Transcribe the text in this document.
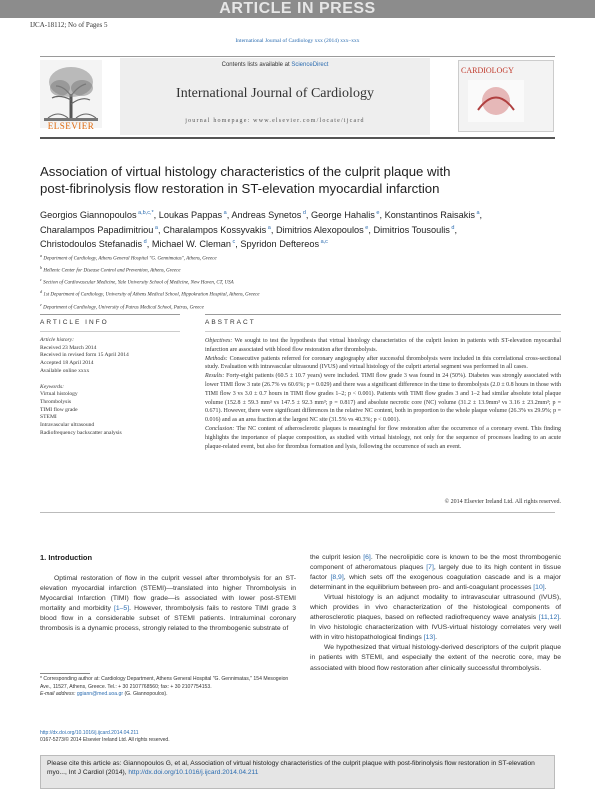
ARTICLE IN PRESS
IJCA-18112; No of Pages 5
International Journal of Cardiology xxx (2014) xxx–xxx
Contents lists available at ScienceDirect
International Journal of Cardiology
journal homepage: www.elsevier.com/locate/ijcard
ELSEVIER
CARDIOLOGY
Association of virtual histology characteristics of the culprit plaque with
post-fibrinolysis flow restoration in ST-elevation myocardial infarction
Georgios Giannopoulos $^{a,b,c,*}$, Loukas Pappas $^a$, Andreas Synetos $^d$, George Hahalis $^e$, Konstantinos Raisakis $^a$,
Charalampos Papadimitriou $^a$, Charalampos Kossyvakis $^a$, Dimitrios Alexopoulos $^e$, Dimitrios Tousoulis $^d$,
Christodoulos Stefanadis $^d$, Michael W. Cleman $^c$, Spyridon Deftereos $^{a,c}$
$^a$ Department of Cardiology, Athens General Hospital "G. Gennimatas", Athens, Greece
$^b$ Hellenic Center for Disease Control and Prevention, Athens, Greece
$^c$ Section of Cardiovascular Medicine, Yale University School of Medicine, New Haven, CT, USA
$^d$ 1st Department of Cardiology, University of Athens Medical School, Hippokration Hospital, Athens, Greece
$^e$ Department of Cardiology, University of Patras Medical School, Patras, Greece
ARTICLE INFO	ABSTRACT
Article history:
Received 23 March 2014
Received in revised form 15 April 2014
Accepted 18 April 2014
Available online xxxx
Keywords:
Virtual histology
Thrombolysis
TIMI flow grade
STEMI
Intravascular ultrasound
Radiofrequency backscatter analysis
Objectives: We sought to test the hypothesis that virtual histology characteristics of the culprit lesion in patients with ST-elevation myocardial infarction are associated with blood flow restoration after thrombolysis.
Methods: Consecutive patients referred for coronary angiography after successful thrombolysis were included in this correlational cross-sectional study. Evaluation with intravascular ultrasound (IVUS) and virtual histology of the culprit arterial segment was performed in all cases.
Results: Forty-eight patients (60.5 ± 10.7 years) were included. TIMI flow grade 3 was found in 24 (50%). Diabetes was strongly associated with lower TIMI flow 3 rate (26.7% vs 60.6%; p = 0.029) and there was a significant difference in the time to thrombolysis (2.0 ± 0.8 hours in those with TIMI flow 3 vs 3.0 ± 0.7 hours in TIMI flow grades 1–2; p < 0.001). Patients with TIMI flow grades 3 and 1–2 had similar absolute total plaque volume (152.8 ± 59.3 mm³ vs 147.5 ± 92.3 mm³; p = 0.817) and absolute necrotic core (NC) volume (31.2 ± 13.9mm³ vs 3.16 ± 23.2mm³; p = 0.671). However, there were significant differences in the relative NC content, both in proportion to the whole plaque volume (26.3% vs 29.9%; p = 0.016) and as an area fraction at the largest NC site (31.5% vs 40.3%; p < 0.001).
Conclusion: The NC content of atherosclerotic plaques is meaningful for flow restoration after the occurrence of a coronary event. This finding highlights the importance of plaque composition, as studied with virtual histology, not only for the sequence of processes leading to an acute plaque-related event, but also for thrombus formation and lysis, following the occurrence of such an event.
© 2014 Elsevier Ireland Ltd. All rights reserved.
1. Introduction

Optimal restoration of flow in the culprit vessel after thrombolysis for an ST-elevation myocardial infarction (STEMI)—translated into higher Thrombolysis in Myocardial Infarction (TIMI) flow grade—is associated with lower post-STEMI mortality and morbidity [1–5]. However, thrombolysis fails to restore TIMI grade 3 blood flow in a considerable subset of STEMI patients. Intraluminal coronary thrombosis is a dynamic process, strongly related to the thrombogenic substrate of

the culprit lesion [6]. The necrolipidic core is known to be the most thrombogenic component of atheromatous plaques [7], largely due to its high content in tissue factor [8,9], which sets off the exogenous coagulation cascade and is a major determinant in the equilibrium between pro- and anti-coagulant processes [10].

Virtual histology is an adjunct modality to intravascular ultrasound (IVUS), which provides in vivo characterization of the histological components of atherosclerotic plaques, based on reflected radiofrequency wave analysis [11,12]. In vivo histologic characterization with IVUS-virtual histology correlates very well with in vitro histopathological findings [13].

We hypothesized that virtual histology-derived descriptors of the culprit plaque in patients with STEMI, and especially the extent of the necrotic core, may be associated with blood flow restoration after clinically successful thrombolysis.

* Corresponding author at: Cardiology Department, Athens General Hospital "G. Gennimatas," 154 Mesogeion Ave., 11527, Athens, Greece. Tel.: + 30 2107768560; fax: + 30 2107754153.
E-mail address: ggiann@med.uoa.gr (G. Giannopoulos).
http://dx.doi.org/10.1016/j.ijcard.2014.04.211
0167-5273/© 2014 Elsevier Ireland Ltd. All rights reserved.
Please cite this article as: Giannopoulos G, et al, Association of virtual histology characteristics of the culprit plaque with post-fibrinolysis flow restoration in ST-elevation myo..., Int J Cardiol (2014), http://dx.doi.org/10.1016/j.ijcard.2014.04.211
